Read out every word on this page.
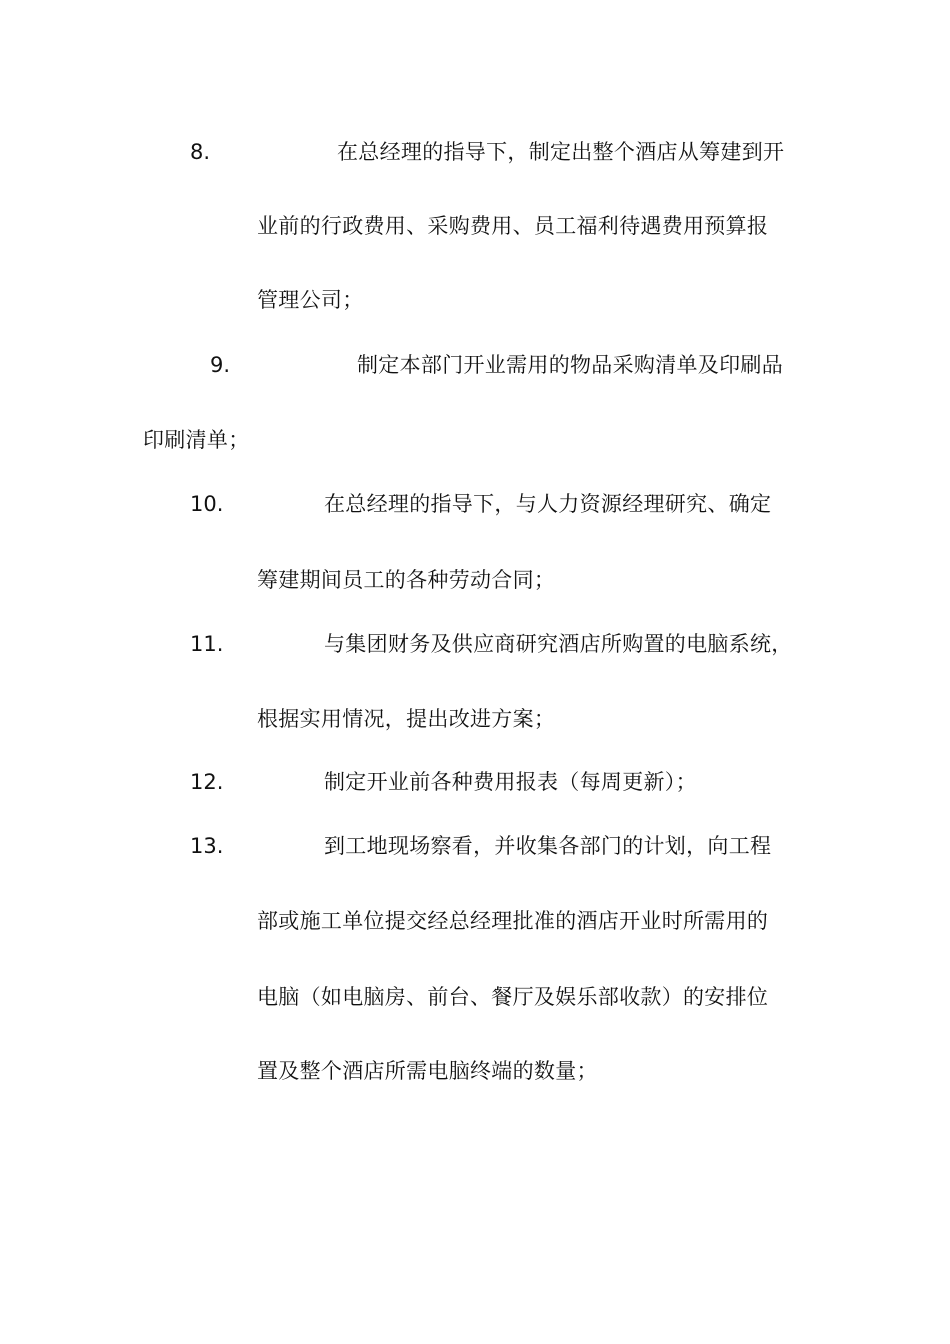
8.	在总经理的指导下，制定出整个酒店从筹建到开
业前的行政费用、采购费用、员工福利待遇费用预算报
管理公司；
9.	制定本部门开业需用的物品采购清单及印刷品
印刷清单；
10.	在总经理的指导下，与人力资源经理研究、确定
筹建期间员工的各种劳动合同；
11.	与集团财务及供应商研究酒店所购置的电脑系统，
根据实用情况，提出改进方案；
12.	制定开业前各种费用报表（每周更新）；
13.	到工地现场察看，并收集各部门的计划，向工程
部或施工单位提交经总经理批准的酒店开业时所需用的
电脑（如电脑房、前台、餐厅及娱乐部收款）的安排位
置及整个酒店所需电脑终端的数量；
